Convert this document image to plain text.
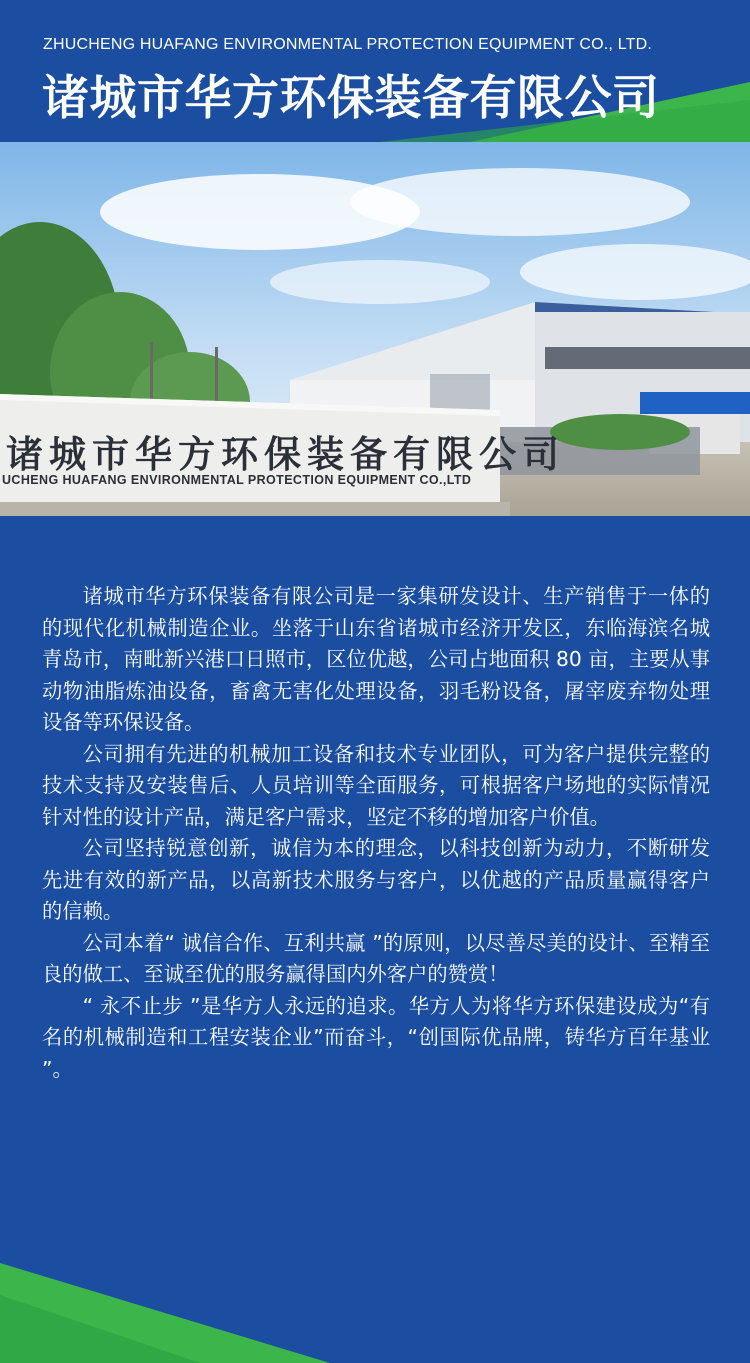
ZHUCHENG HUAFANG ENVIRONMENTAL PROTECTION EQUIPMENT CO., LTD.
诸城市华方环保装备有限公司
诸城市华方环保装备有限公司
UCHENG HUAFANG ENVIRONMENTAL PROTECTION EQUIPMENT CO.,LTD

诸城市华方环保装备有限公司是一家集研发设计、生产销售于一体的的现代化机械制造企业。坐落于山东省诸城市经济开发区，东临海滨名城青岛市，南毗新兴港口日照市，区位优越，公司占地面积 80 亩，主要从事动物油脂炼油设备，畜禽无害化处理设备，羽毛粉设备，屠宰废弃物处理设备等环保设备。

公司拥有先进的机械加工设备和技术专业团队，可为客户提供完整的技术支持及安装售后、人员培训等全面服务，可根据客户场地的实际情况针对性的设计产品，满足客户需求，坚定不移的增加客户价值。

公司坚持锐意创新，诚信为本的理念，以科技创新为动力，不断研发先进有效的新产品，以高新技术服务与客户，以优越的产品质量赢得客户的信赖。

公司本着“ 诚信合作、互利共赢 ”的原则，以尽善尽美的设计、至精至良的做工、至诚至优的服务赢得国内外客户的赞赏！

“ 永不止步 ”是华方人永远的追求。华方人为将华方环保建设成为“有名的机械制造和工程安装企业”而奋斗，“创国际优品牌，铸华方百年基业 ”。
